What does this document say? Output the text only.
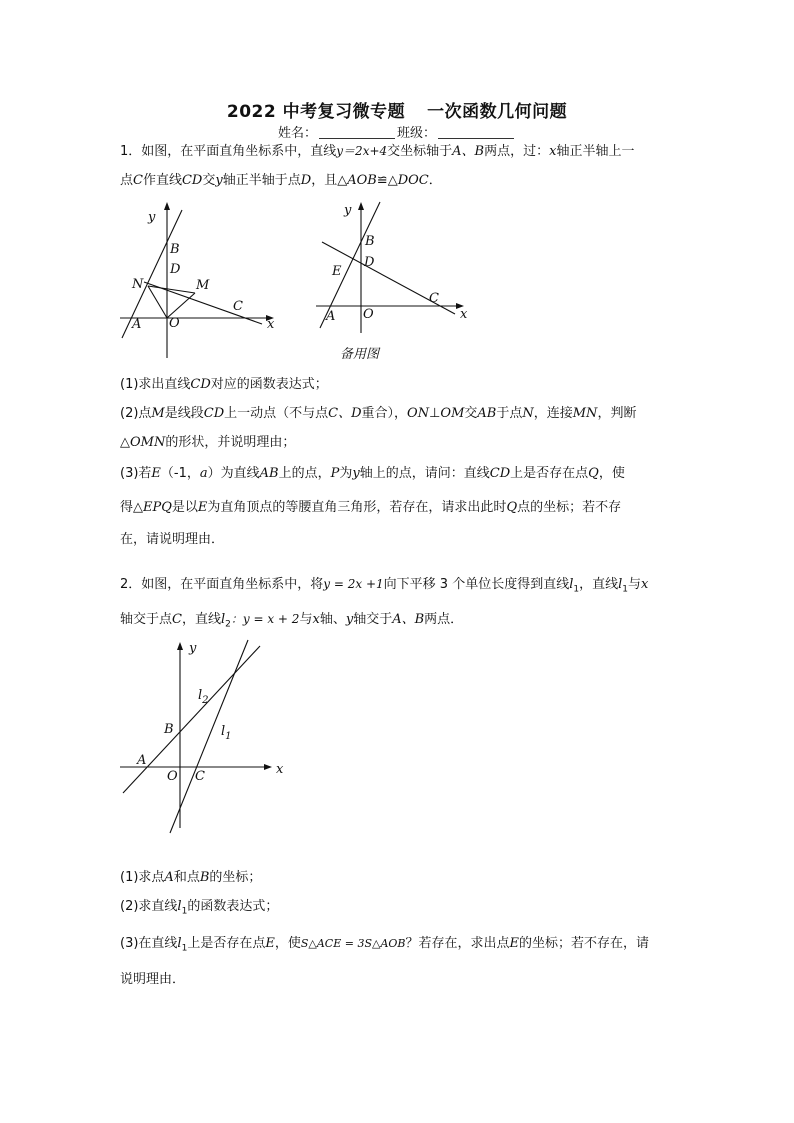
2022 中考复习微专题 一次函数几何问题
姓名：	班级：
1．如图，在平面直角坐标系中，直线y＝2x+4交坐标轴于A、B两点，过：x轴正半轴上一
点C作直线CD交y轴正半轴于点D，且△AOB≌△DOC．
y
x
B
D
N	M
C
A O
y
x
B
D
E
C
A O
备用图
(1)求出直线CD对应的函数表达式；
(2)点M是线段CD上一动点（不与点C、D重合），ON⊥OM交AB于点N，连接MN，判断
△OMN的形状，并说明理由；
(3)若E（-1，a）为直线AB上的点，P为y轴上的点，请问：直线CD上是否存在点Q，使
得△EPQ是以E为直角顶点的等腰直角三角形，若存在，请求出此时Q点的坐标；若不存
在，请说明理由．
2．如图，在平面直角坐标系中，将y = 2x +1向下平移 3 个单位长度得到直线$l_1$，直线$l_1$与x
轴交于点C，直线$l_2$：y = x + 2与x轴、y轴交于A、B两点．
y
x
$l_2$
$l_1$
B
A
O C
(1)求点A和点B的坐标；
(2)求直线$l_1$的函数表达式；
(3)在直线$l_1$上是否存在点E，使S△ACE = 3S△AOB？若存在，求出点E的坐标；若不存在，请
说明理由．
